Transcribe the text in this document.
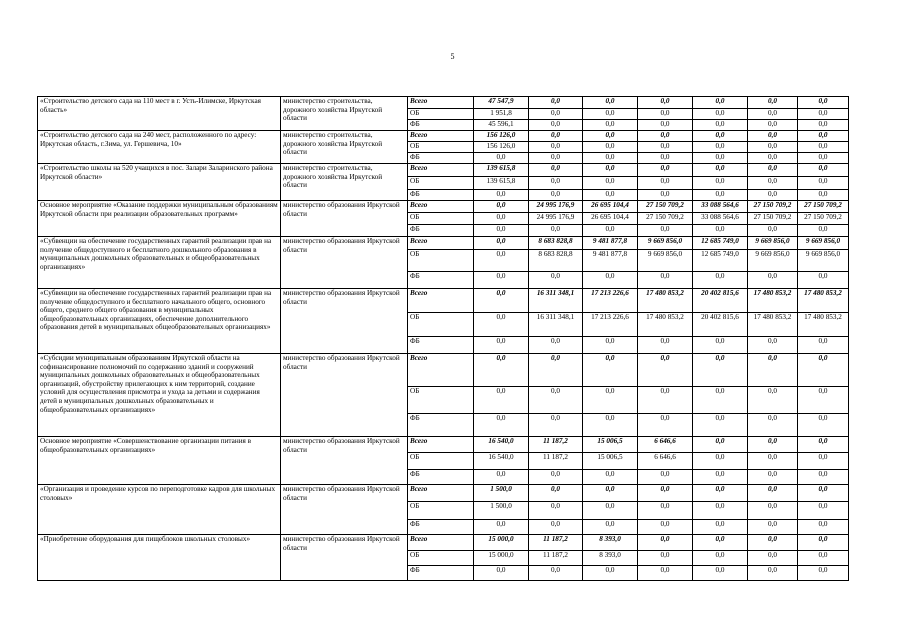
5
«Строительство детского сада на 110 мест в г. Усть-Илимске, Иркутская область»	министерство строительства, дорожного хозяйства Иркутской области	Всего	47 547,9	0,0	0,0	0,0	0,0	0,0	0,0	
		ОБ	1 951,8	0,0	0,0	0,0	0,0	0,0	0,0	
		ФБ	45 596,1	0,0	0,0	0,0	0,0	0,0	0,0	
«Строительство детского сада на 240 мест, расположенного по адресу: Иркутская область, г.Зима, ул. Гершевича, 10»	министерство строительства, дорожного хозяйства Иркутской области	Всего	156 126,0	0,0	0,0	0,0	0,0	0,0	0,0	
		ОБ	156 126,0	0,0	0,0	0,0	0,0	0,0	0,0	
		ФБ	0,0	0,0	0,0	0,0	0,0	0,0	0,0	
«Строительство школы на 520 учащихся в пос. Залари Заларинского района Иркутской области»	министерство строительства, дорожного хозяйства Иркутской области	Всего	139 615,8	0,0	0,0	0,0	0,0	0,0	0,0	
		ОБ	139 615,8	0,0	0,0	0,0	0,0	0,0	0,0	
		ФБ	0,0	0,0	0,0	0,0	0,0	0,0	0,0	
Основное мероприятие «Оказание поддержки муниципальным образованиям Иркутской области при реализации образовательных программ»	министерство образования Иркутской области	Всего	0,0	24 995 176,9	26 695 104,4	27 150 709,2	33 088 564,6	27 150 709,2	27 150 709,2	
		ОБ	0,0	24 995 176,9	26 695 104,4	27 150 709,2	33 088 564,6	27 150 709,2	27 150 709,2	
		ФБ	0,0	0,0	0,0	0,0	0,0	0,0	0,0	
«Субвенции на обеспечение государственных гарантий реализации прав на получение общедоступного и бесплатного дошкольного образования в муниципальных дошкольных образовательных и общеобразовательных организациях»	министерство образования Иркутской области	Всего	0,0	8 683 828,8	9 481 877,8	9 669 856,0	12 685 749,0	9 669 856,0	9 669 856,0	
		ОБ	0,0	8 683 828,8	9 481 877,8	9 669 856,0	12 685 749,0	9 669 856,0	9 669 856,0	
		ФБ	0,0	0,0	0,0	0,0	0,0	0,0	0,0	
«Субвенции на обеспечение государственных гарантий реализации прав на получение общедоступного и бесплатного начального общего, основного общего, среднего общего образования в муниципальных общеобразовательных организациях, обеспечение дополнительного образования детей в муниципальных общеобразовательных организациях»	министерство образования Иркутской области	Всего	0,0	16 311 348,1	17 213 226,6	17 480 853,2	20 402 815,6	17 480 853,2	17 480 853,2	
		ОБ	0,0	16 311 348,1	17 213 226,6	17 480 853,2	20 402 815,6	17 480 853,2	17 480 853,2	
		ФБ	0,0	0,0	0,0	0,0	0,0	0,0	0,0	
«Субсидии муниципальным образованиям Иркутской области на софинансирование полномочий по содержанию зданий и сооружений муниципальных дошкольных образовательных и общеобразовательных организаций, обустройству прилегающих к ним территорий, создание условий для осуществления присмотра и ухода за детьми и содержания детей в муниципальных дошкольных образовательных и общеобразовательных организациях»	министерство образования Иркутской области	Всего	0,0	0,0	0,0	0,0	0,0	0,0	0,0	
		ОБ	0,0	0,0	0,0	0,0	0,0	0,0	0,0	
		ФБ	0,0	0,0	0,0	0,0	0,0	0,0	0,0	
Основное мероприятие «Совершенствование организации питания в общеобразовательных организациях»	министерство образования Иркутской области	Всего	16 540,0	11 187,2	15 006,5	6 646,6	0,0	0,0	0,0	
		ОБ	16 540,0	11 187,2	15 006,5	6 646,6	0,0	0,0	0,0	
		ФБ	0,0	0,0	0,0	0,0	0,0	0,0	0,0	
«Организация и проведение курсов по переподготовке кадров для школьных столовых»	министерство образования Иркутской области	Всего	1 500,0	0,0	0,0	0,0	0,0	0,0	0,0	
		ОБ	1 500,0	0,0	0,0	0,0	0,0	0,0	0,0	
		ФБ	0,0	0,0	0,0	0,0	0,0	0,0	0,0	
«Приобретение оборудования для пищеблоков школьных столовых»	министерство образования Иркутской области	Всего	15 000,0	11 187,2	8 393,0	0,0	0,0	0,0	0,0	
		ОБ	15 000,0	11 187,2	8 393,0	0,0	0,0	0,0	0,0	
		ФБ	0,0	0,0	0,0	0,0	0,0	0,0	0,0	
